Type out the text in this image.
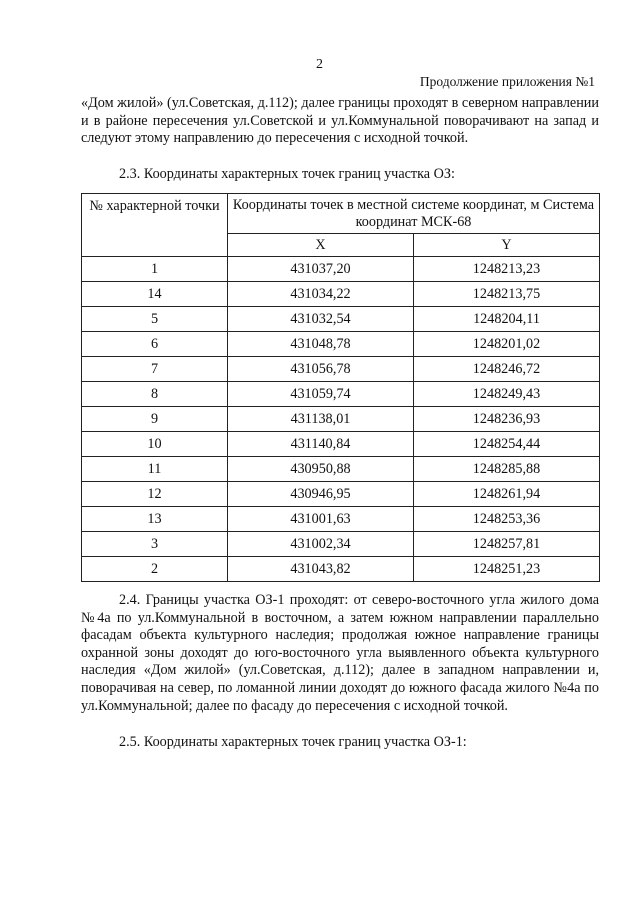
2
Продолжение приложения №1

«Дом жилой» (ул.Советская, д.112); далее границы проходят в северном направлении и в районе пересечения ул.Советской и ул.Коммунальной поворачивают на запад и следуют этому направлению до пересечения с исходной точкой.

2.3. Координаты характерных точек границ участка ОЗ:

№ характерной точки	Координаты точек в местной системе координат, м Система координат МСК-68	
	X	Y
1	431037,20	1248213,23
14	431034,22	1248213,75
5	431032,54	1248204,11
6	431048,78	1248201,02
7	431056,78	1248246,72
8	431059,74	1248249,43
9	431138,01	1248236,93
10	431140,84	1248254,44
11	430950,88	1248285,88
12	430946,95	1248261,94
13	431001,63	1248253,36
3	431002,34	1248257,81
2	431043,82	1248251,23

2.4. Границы участка ОЗ-1 проходят: от северо-восточного угла жилого дома №4а по ул.Коммунальной в восточном, а затем южном направлении параллельно фасадам объекта культурного наследия; продолжая южное направление границы охранной зоны доходят до юго-восточного угла выявленного объекта культурного наследия «Дом жилой» (ул.Советская, д.112); далее в западном направлении и, поворачивая на север, по ломанной линии доходят до южного фасада жилого №4а по ул.Коммунальной; далее по фасаду до пересечения с исходной точкой.

2.5. Координаты характерных точек границ участка ОЗ-1:
